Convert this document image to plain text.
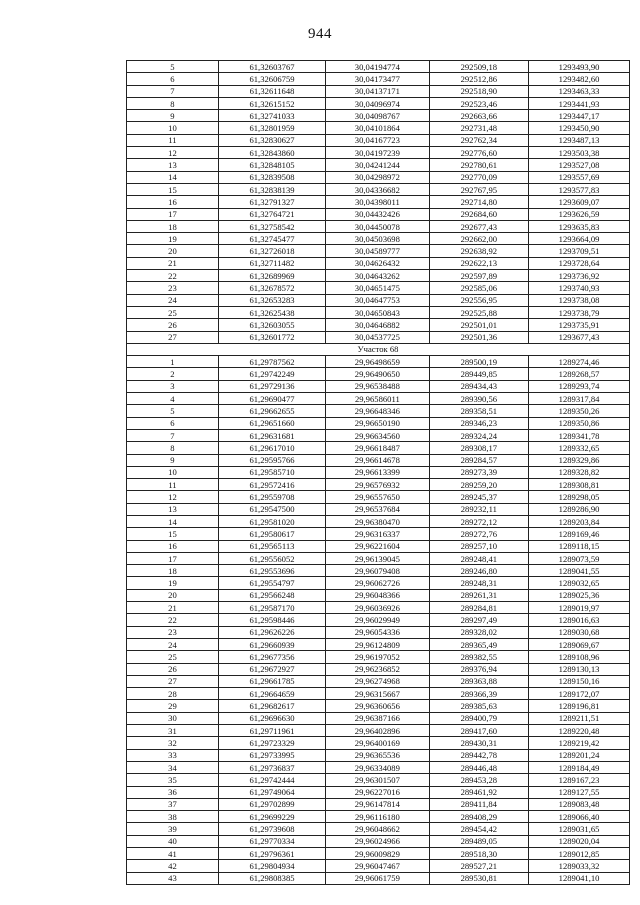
944
5	61,32603767	30,04194774	292509,18	1293493,90
6	61,32606759	30,04173477	292512,86	1293482,60
7	61,32611648	30,04137171	292518,90	1293463,33
8	61,32615152	30,04096974	292523,46	1293441,93
9	61,32741033	30,04098767	292663,66	1293447,17
10	61,32801959	30,04101864	292731,48	1293450,90
11	61,32830627	30,04167723	292762,34	1293487,13
12	61,32843860	30,04197239	292776,60	1293503,38
13	61,32848105	30,04241244	292780,61	1293527,08
14	61,32839508	30,04298972	292770,09	1293557,69
15	61,32838139	30,04336682	292767,95	1293577,83
16	61,32791327	30,04398011	292714,80	1293609,07
17	61,32764721	30,04432426	292684,60	1293626,59
18	61,32758542	30,04450078	292677,43	1293635,83
19	61,32745477	30,04503698	292662,00	1293664,09
20	61,32726018	30,04589777	292638,92	1293709,51
21	61,32711482	30,04626432	292622,13	1293728,64
22	61,32689969	30,04643262	292597,89	1293736,92
23	61,32678572	30,04651475	292585,06	1293740,93
24	61,32653283	30,04647753	292556,95	1293738,08
25	61,32625438	30,04650843	292525,88	1293738,79
26	61,32603055	30,04646882	292501,01	1293735,91
27	61,32601772	30,04537725	292501,36	1293677,43
Участок 68				
1	61,29787562	29,96498659	289500,19	1289274,46
2	61,29742249	29,96490650	289449,85	1289268,57
3	61,29729136	29,96538488	289434,43	1289293,74
4	61,29690477	29,96586011	289390,56	1289317,84
5	61,29662655	29,96648346	289358,51	1289350,26
6	61,29651660	29,96650190	289346,23	1289350,86
7	61,29631681	29,96634560	289324,24	1289341,78
8	61,29617010	29,96618487	289308,17	1289332,65
9	61,29595766	29,96614678	289284,57	1289329,86
10	61,29585710	29,96613399	289273,39	1289328,82
11	61,29572416	29,96576932	289259,20	1289308,81
12	61,29559708	29,96557650	289245,37	1289298,05
13	61,29547500	29,96537684	289232,11	1289286,90
14	61,29581020	29,96380470	289272,12	1289203,84
15	61,29580617	29,96316337	289272,76	1289169,46
16	61,29565113	29,96221604	289257,10	1289118,15
17	61,29556052	29,96139045	289248,41	1289073,59
18	61,29553696	29,96079408	289246,80	1289041,55
19	61,29554797	29,96062726	289248,31	1289032,65
20	61,29566248	29,96048366	289261,31	1289025,36
21	61,29587170	29,96036926	289284,81	1289019,97
22	61,29598446	29,96029949	289297,49	1289016,63
23	61,29626226	29,96054336	289328,02	1289030,68
24	61,29660939	29,96124809	289365,49	1289069,67
25	61,29677356	29,96197052	289382,55	1289108,96
26	61,29672927	29,96236852	289376,94	1289130,13
27	61,29661785	29,96274968	289363,88	1289150,16
28	61,29664659	29,96315667	289366,39	1289172,07
29	61,29682617	29,96360656	289385,63	1289196,81
30	61,29696630	29,96387166	289400,79	1289211,51
31	61,29711961	29,96402896	289417,60	1289220,48
32	61,29723329	29,96400169	289430,31	1289219,42
33	61,29733995	29,96365536	289442,78	1289201,24
34	61,29736837	29,96334089	289446,48	1289184,49
35	61,29742444	29,96301507	289453,28	1289167,23
36	61,29749064	29,96227016	289461,92	1289127,55
37	61,29702899	29,96147814	289411,84	1289083,48
38	61,29699229	29,96116180	289408,29	1289066,40
39	61,29739608	29,96048662	289454,42	1289031,65
40	61,29770334	29,96024966	289489,05	1289020,04
41	61,29796361	29,96009829	289518,30	1289012,85
42	61,29804934	29,96047467	289527,21	1289033,32
43	61,29808385	29,96061759	289530,81	1289041,10
